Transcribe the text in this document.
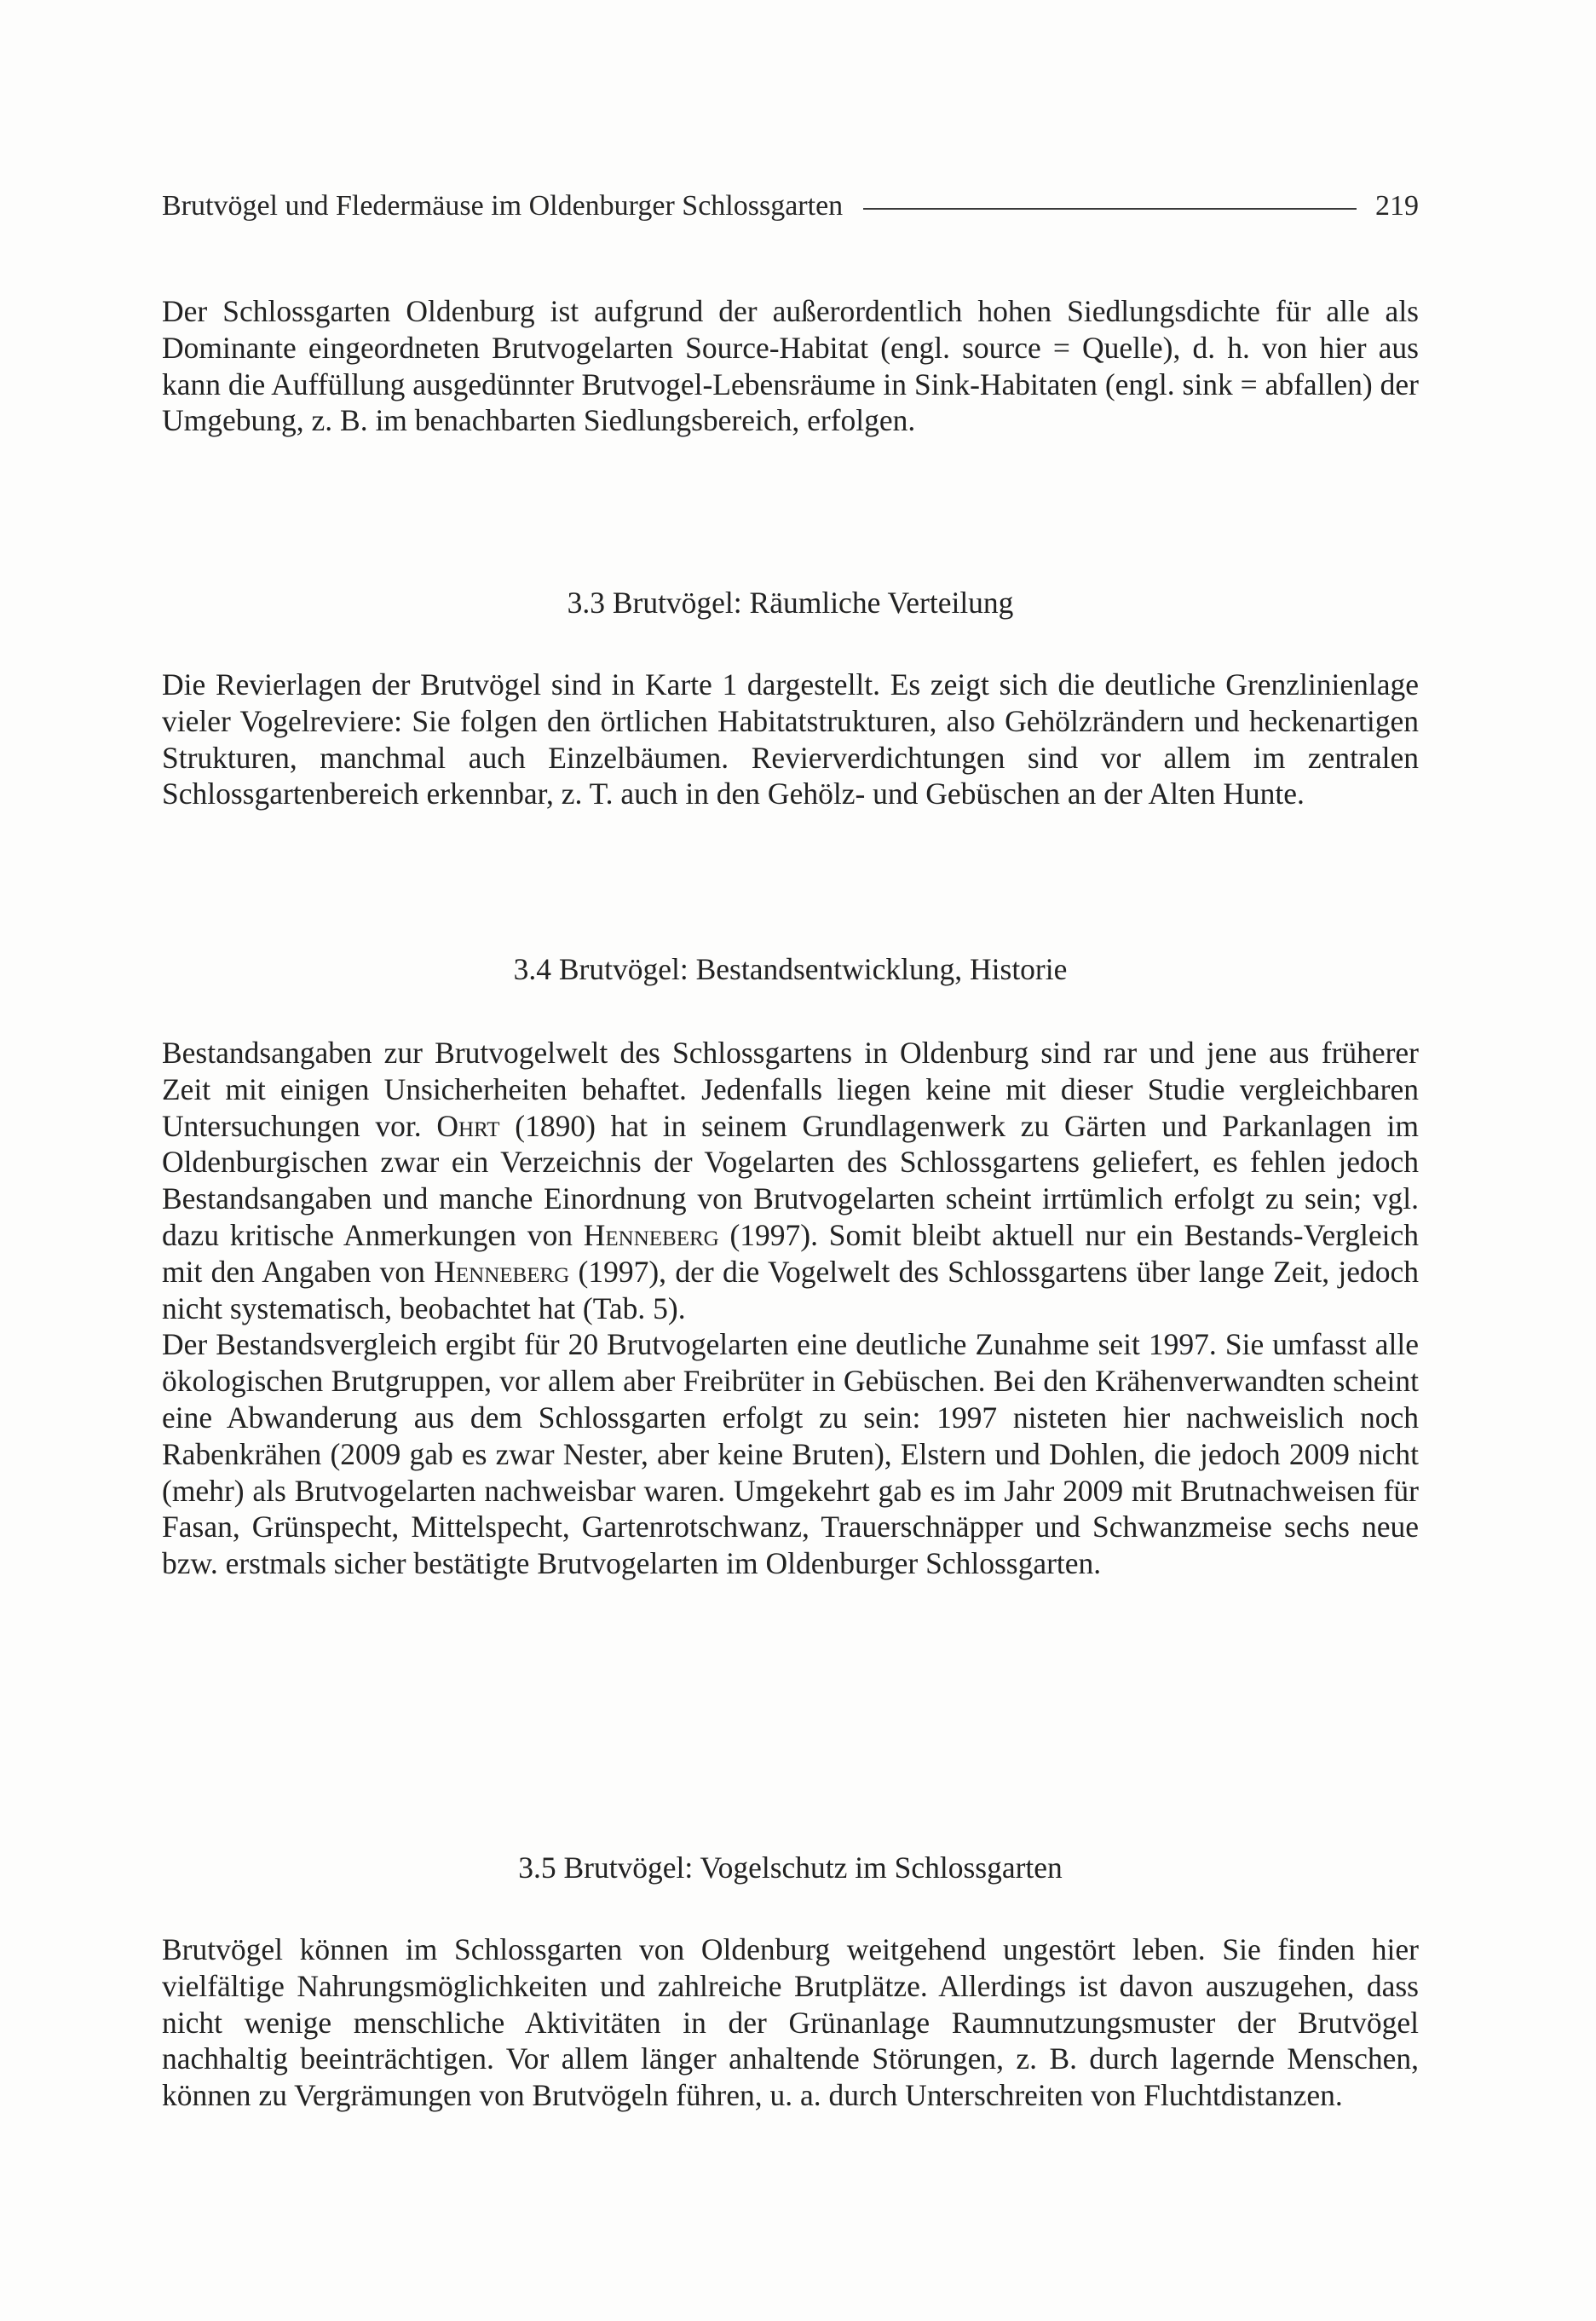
Brutvögel und Fledermäuse im Oldenburger Schlossgarten	219

Der Schlossgarten Oldenburg ist aufgrund der außerordentlich hohen Siedlungsdichte für alle als Dominante eingeordneten Brutvogelarten Source-Habitat (engl. source = Quelle), d. h. von hier aus kann die Auffüllung ausgedünnter Brutvogel-Lebensräume in Sink-Habitaten (engl. sink = abfallen) der Umgebung, z. B. im benachbarten Siedlungsbereich, erfolgen.

3.3 Brutvögel: Räumliche Verteilung

Die Revierlagen der Brutvögel sind in Karte 1 dargestellt. Es zeigt sich die deutliche Grenzlinienlage vieler Vogelreviere: Sie folgen den örtlichen Habitatstrukturen, also Gehölzrändern und heckenartigen Strukturen, manchmal auch Einzelbäumen. Revierverdichtungen sind vor allem im zentralen Schlossgartenbereich erkennbar, z. T. auch in den Gehölz- und Gebüschen an der Alten Hunte.

3.4 Brutvögel: Bestandsentwicklung, Historie

Bestandsangaben zur Brutvogelwelt des Schlossgartens in Oldenburg sind rar und jene aus früherer Zeit mit einigen Unsicherheiten behaftet. Jedenfalls liegen keine mit dieser Studie vergleichbaren Untersuchungen vor. Ohrt (1890) hat in seinem Grundlagenwerk zu Gärten und Parkanlagen im Oldenburgischen zwar ein Verzeichnis der Vogelarten des Schlossgartens geliefert, es fehlen jedoch Bestandsangaben und manche Einordnung von Brutvogelarten scheint irrtümlich erfolgt zu sein; vgl. dazu kritische Anmerkungen von Henneberg (1997). Somit bleibt aktuell nur ein Bestands-Vergleich mit den Angaben von Henneberg (1997), der die Vogelwelt des Schlossgartens über lange Zeit, jedoch nicht systematisch, beobachtet hat (Tab. 5).

Der Bestandsvergleich ergibt für 20 Brutvogelarten eine deutliche Zunahme seit 1997. Sie umfasst alle ökologischen Brutgruppen, vor allem aber Freibrüter in Gebüschen. Bei den Krähenverwandten scheint eine Abwanderung aus dem Schlossgarten erfolgt zu sein: 1997 nisteten hier nachweislich noch Rabenkrähen (2009 gab es zwar Nester, aber keine Bruten), Elstern und Dohlen, die jedoch 2009 nicht (mehr) als Brutvogelarten nachweisbar waren. Umgekehrt gab es im Jahr 2009 mit Brutnachweisen für Fasan, Grünspecht, Mittelspecht, Gartenrotschwanz, Trauerschnäpper und Schwanzmeise sechs neue bzw. erstmals sicher bestätigte Brutvogelarten im Oldenburger Schlossgarten.

3.5 Brutvögel: Vogelschutz im Schlossgarten

Brutvögel können im Schlossgarten von Oldenburg weitgehend ungestört leben. Sie finden hier vielfältige Nahrungsmöglichkeiten und zahlreiche Brutplätze. Allerdings ist davon auszugehen, dass nicht wenige menschliche Aktivitäten in der Grünanlage Raumnutzungsmuster der Brutvögel nachhaltig beeinträchtigen. Vor allem länger anhaltende Störungen, z. B. durch lagernde Menschen, können zu Vergrämungen von Brutvögeln führen, u. a. durch Unterschreiten von Fluchtdistanzen.
